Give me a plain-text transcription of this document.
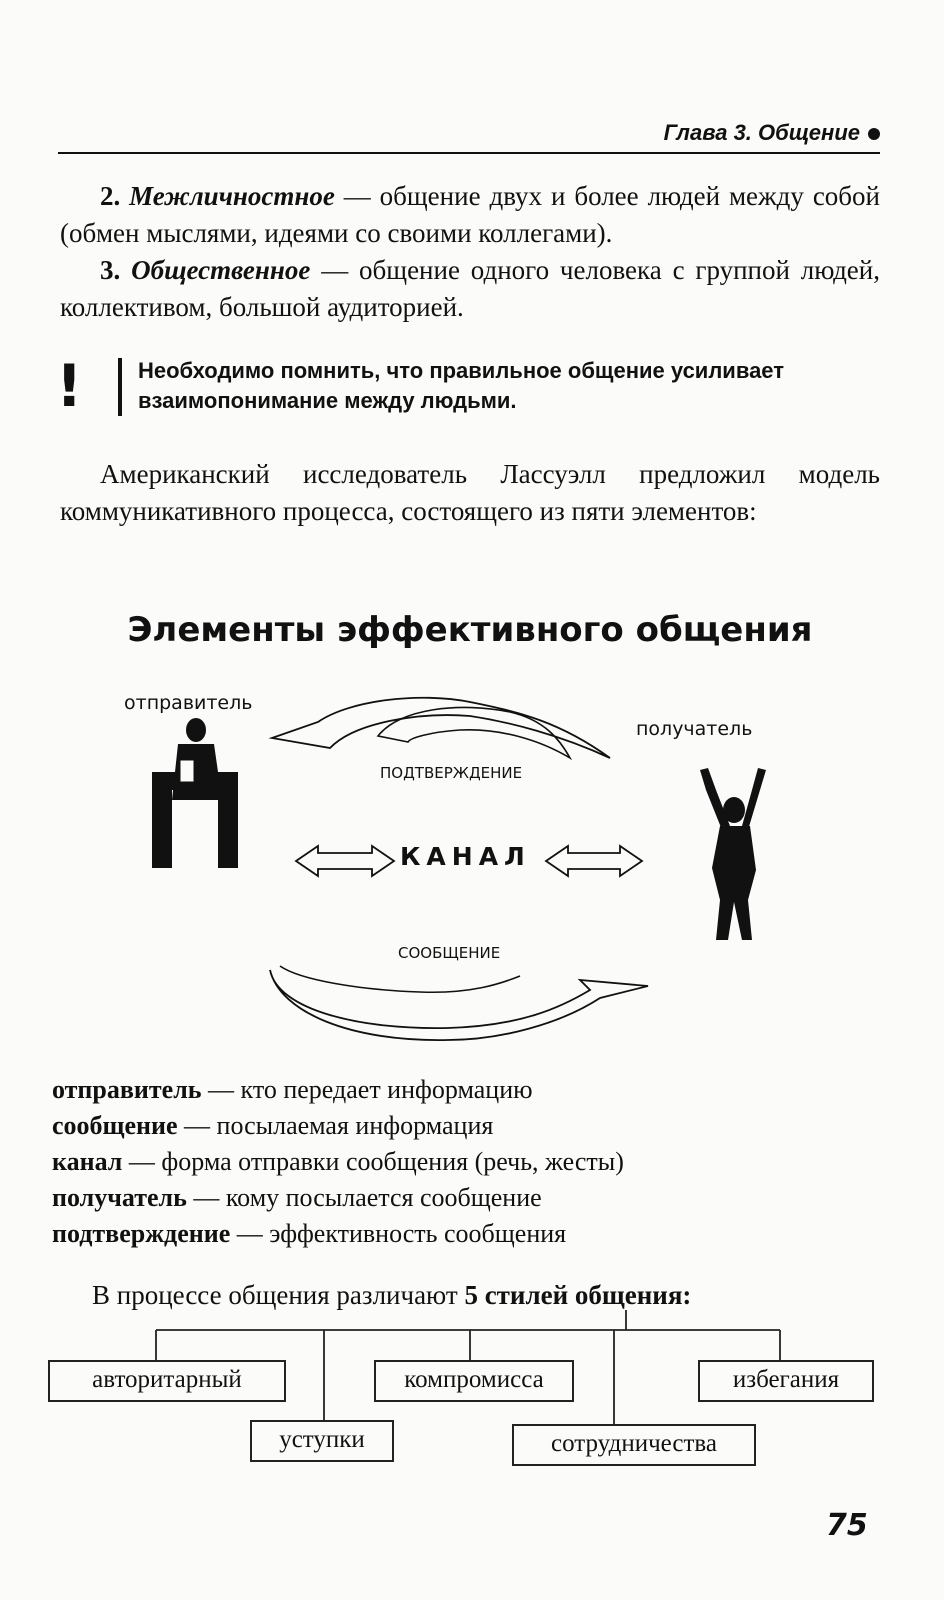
Глава 3. Общение
2. Межличностное — общение двух и более людей между собой (обмен мыслями, идеями со своими коллегами).
3. Общественное — общение одного человека с группой людей, коллективом, большой аудиторией.
!	Необходимо помнить, что правильное общение усиливает взаимопонимание между людьми.
Американский исследователь Лассуэлл предложил модель коммуникативного процесса, состоящего из пяти элементов:
Элементы эффективного общения
отправитель
получатель
ПОДТВЕРЖДЕНИЕ
КАНАЛ
СООБЩЕНИЕ
отправитель — кто передает информацию
сообщение — посылаемая информация
канал — форма отправки сообщения (речь, жесты)
получатель — кому посылается сообщение
подтверждение — эффективность сообщения
В процессе общения различают 5 стилей общения:
авторитарный
уступки
компромисса
сотрудничества
избегания
75
